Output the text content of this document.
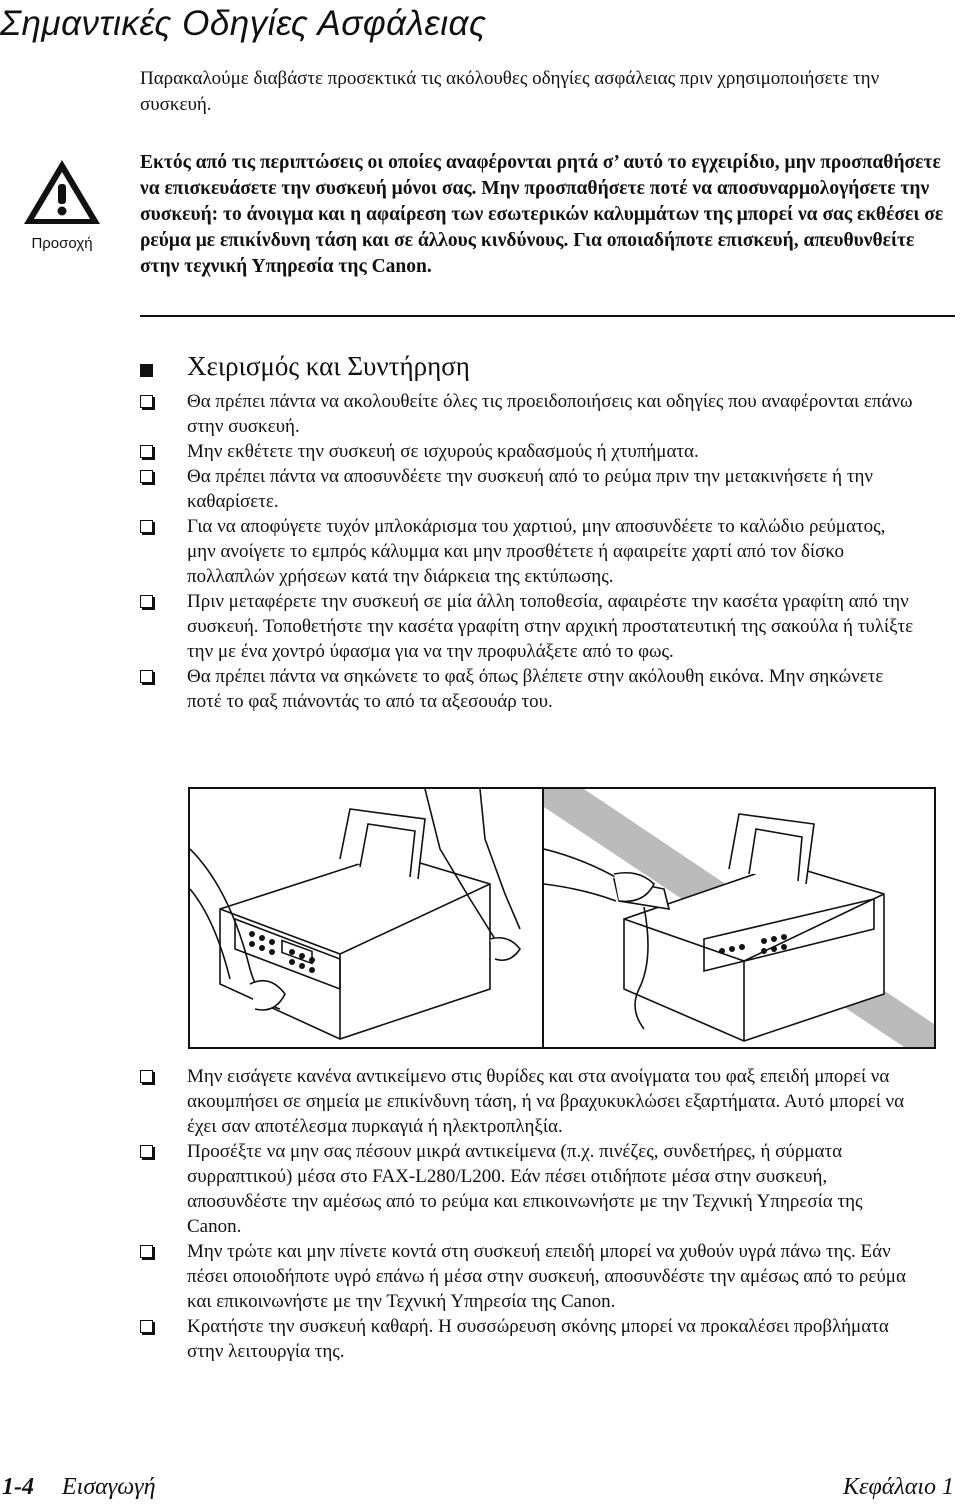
Σημαντικές Οδηγίες Ασφάλειας

Παρακαλούμε διαβάστε προσεκτικά τις ακόλουθες οδηγίες ασφάλειας πριν χρησιμοποιήσετε την συσκευή.

Προσοχή

Εκτός από τις περιπτώσεις οι οποίες αναφέρονται ρητά σ’ αυτό το εγχειρίδιο, μην προσπαθήσετε να επισκευάσετε την συσκευή μόνοι σας. Μην προσπαθήσετε ποτέ να αποσυναρμολογήσετε την συσκευή: το άνοιγμα και η αφαίρεση των εσωτερικών καλυμμάτων της μπορεί να σας εκθέσει σε ρεύμα με επικίνδυνη τάση και σε άλλους κινδύνους. Για οποιαδήποτε επισκευή, απευθυνθείτε στην τεχνική Υπηρεσία της Canon.

Χειρισμός και Συντήρηση
Θα πρέπει πάντα να ακολουθείτε όλες τις προειδοποιήσεις και οδηγίες που αναφέρονται επάνω στην συσκευή.
Μην εκθέτετε την συσκευή σε ισχυρούς κραδασμούς ή χτυπήματα.
Θα πρέπει πάντα να αποσυνδέετε την συσκευή από το ρεύμα πριν την μετακινήσετε ή την καθαρίσετε.
Για να αποφύγετε τυχόν μπλοκάρισμα του χαρτιού, μην αποσυνδέετε το καλώδιο ρεύματος, μην ανοίγετε το εμπρός κάλυμμα και μην προσθέτετε ή αφαιρείτε χαρτί από τον δίσκο πολλαπλών χρήσεων κατά την διάρκεια της εκτύπωσης.
Πριν μεταφέρετε την συσκευή σε μία άλλη τοποθεσία, αφαιρέστε την κασέτα γραφίτη από την συσκευή. Τοποθετήστε την κασέτα γραφίτη στην αρχική προστατευτική της σακούλα ή τυλίξτε την με ένα χοντρό ύφασμα για να την προφυλάξετε από το φως.
Θα πρέπει πάντα να σηκώνετε το φαξ όπως βλέπετε στην ακόλουθη εικόνα. Μην σηκώνετε ποτέ το φαξ πιάνοντάς το από τα αξεσουάρ του.
Μην εισάγετε κανένα αντικείμενο στις θυρίδες και στα ανοίγματα του φαξ επειδή μπορεί να ακουμπήσει σε σημεία με επικίνδυνη τάση, ή να βραχυκυκλώσει εξαρτήματα. Αυτό μπορεί να έχει σαν αποτέλεσμα πυρκαγιά ή ηλεκτροπληξία.
Προσέξτε να μην σας πέσουν μικρά αντικείμενα (π.χ. πινέζες, συνδετήρες, ή σύρματα συρραπτικού) μέσα στο FAX-L280/L200. Εάν πέσει οτιδήποτε μέσα στην συσκευή, αποσυνδέστε την αμέσως από το ρεύμα και επικοινωνήστε με την Τεχνική Υπηρεσία της Canon.
Μην τρώτε και μην πίνετε κοντά στη συσκευή επειδή μπορεί να χυθούν υγρά πάνω της. Εάν πέσει οποιοδήποτε υγρό επάνω ή μέσα στην συσκευή, αποσυνδέστε την αμέσως από το ρεύμα και επικοινωνήστε με την Τεχνική Υπηρεσία της Canon.
Κρατήστε την συσκευή καθαρή. Η συσσώρευση σκόνης μπορεί να προκαλέσει προβλήματα στην λειτουργία της.
1-4 Εισαγωγή	Κεφάλαιο 1
